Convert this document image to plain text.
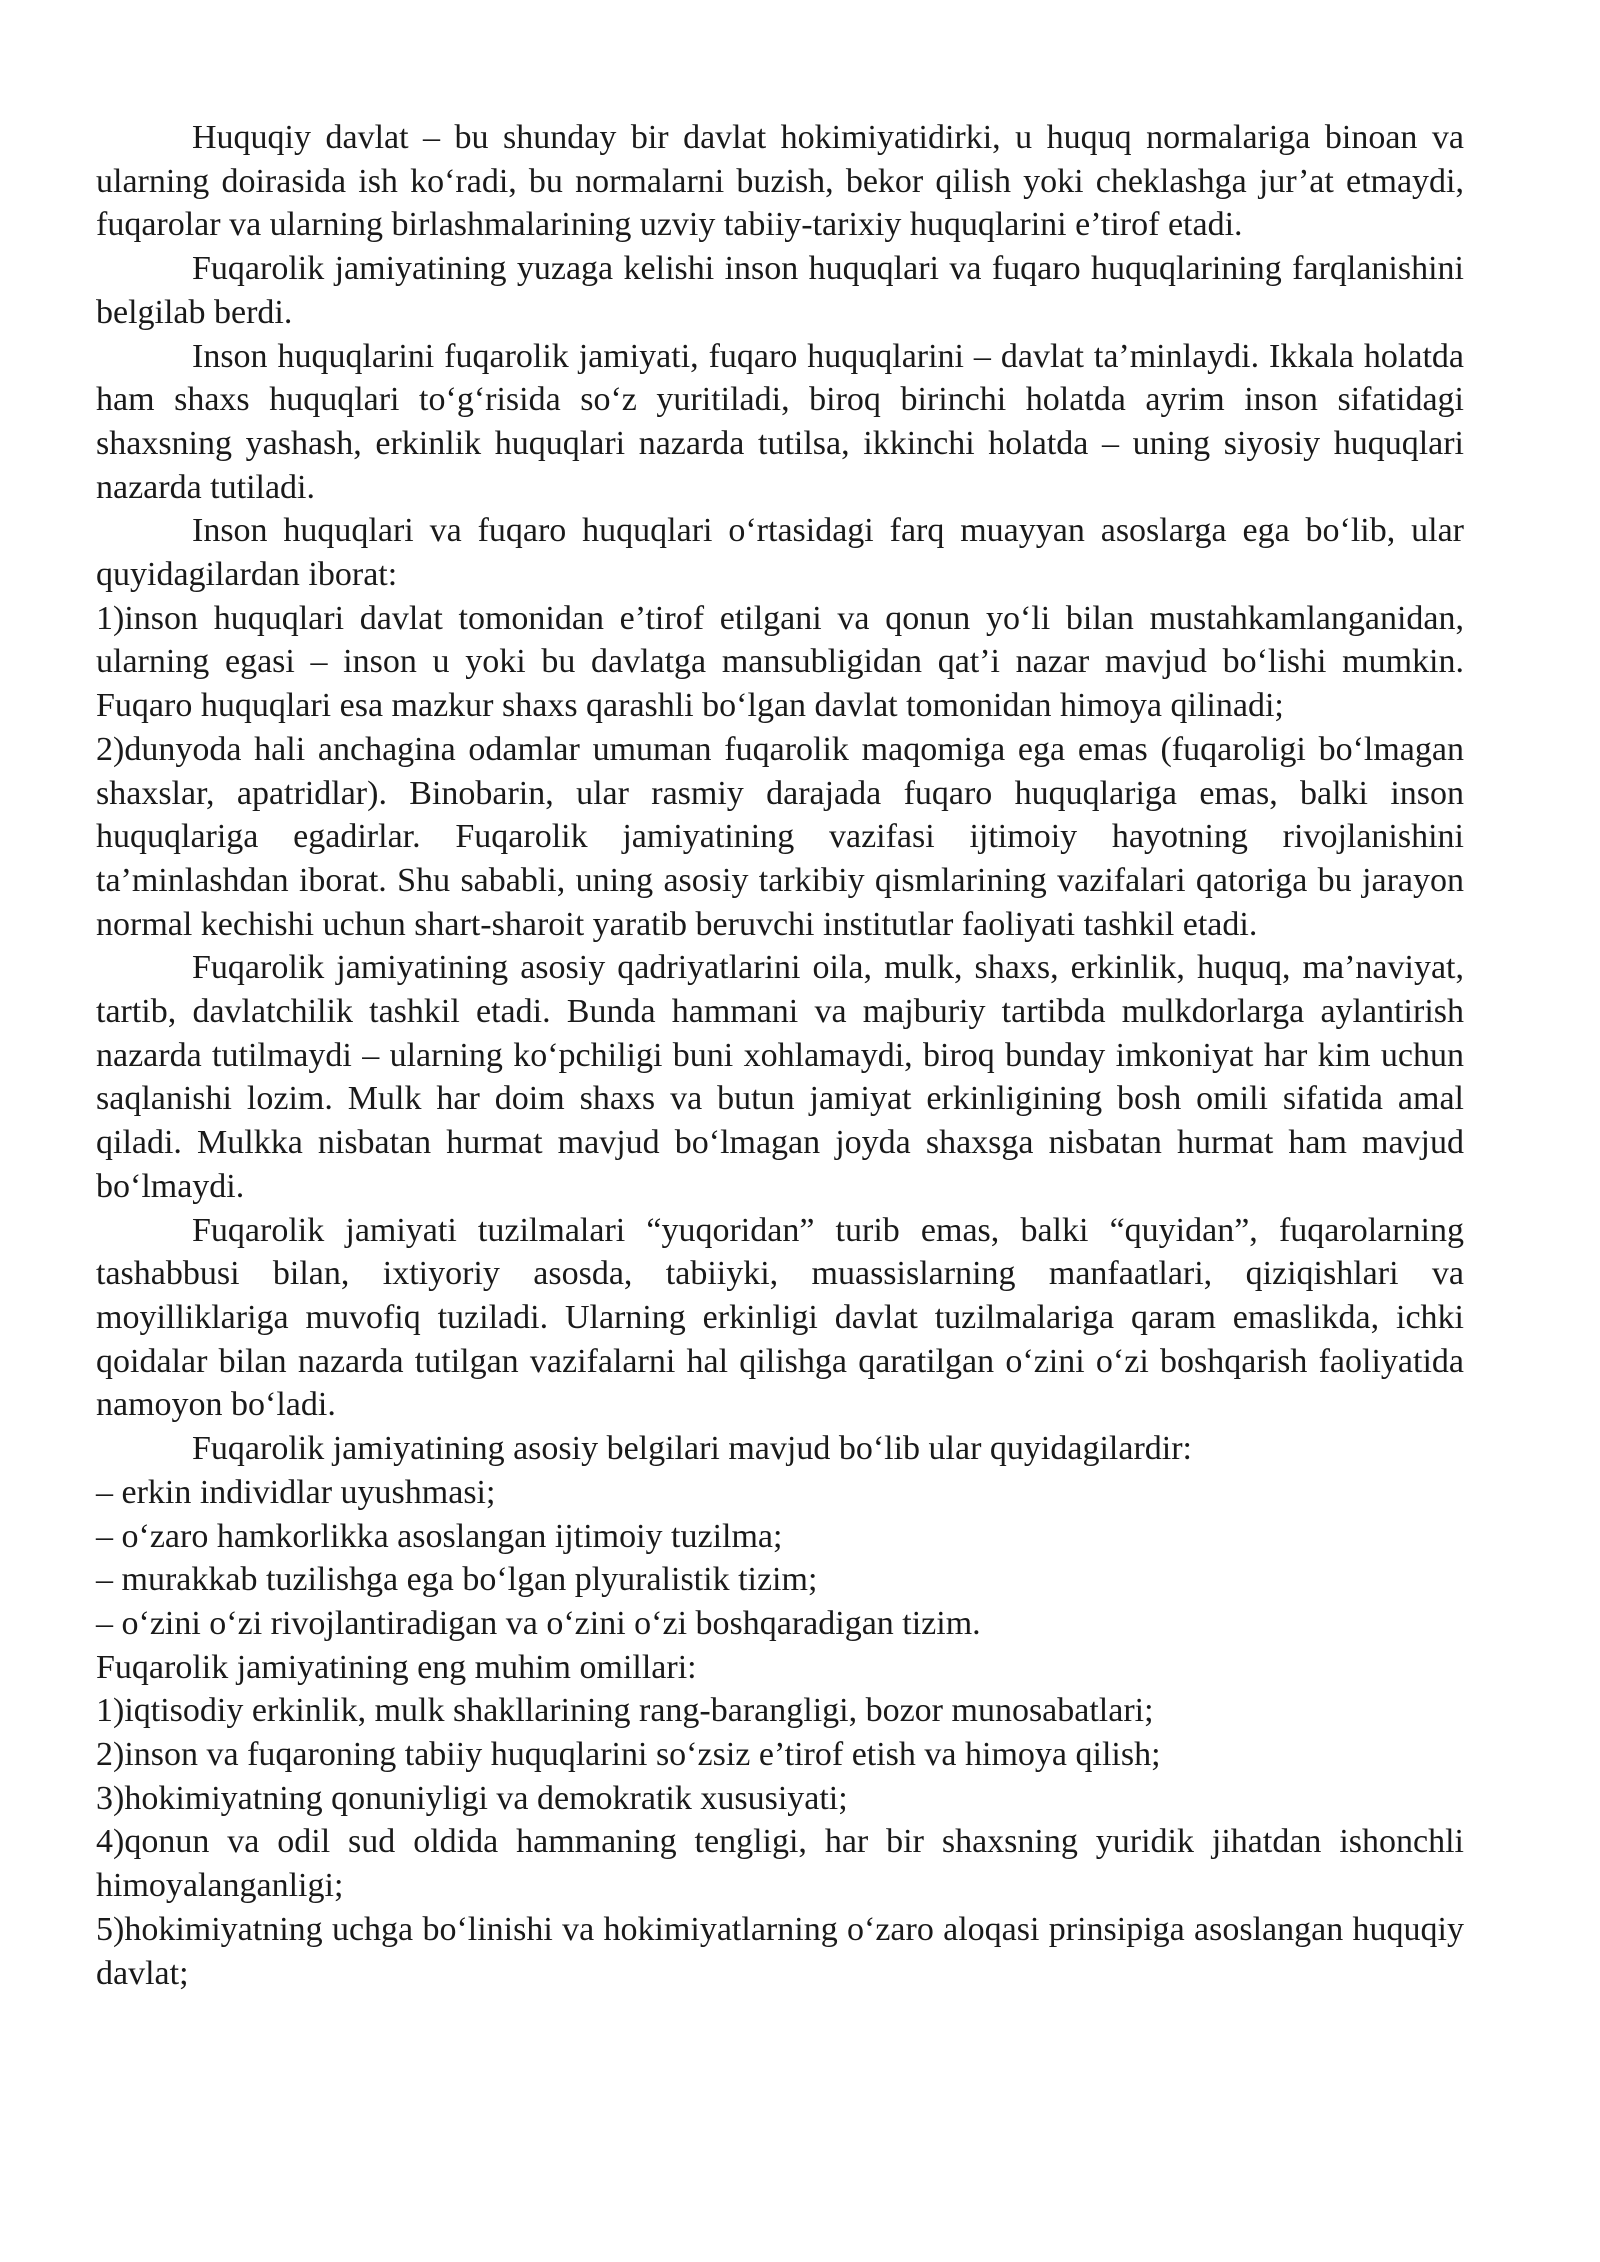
Huquqiy davlat – bu shunday bir davlat hokimiyatidirki, u huquq normalariga binoan va ularning doirasida ish ko‘radi, bu normalarni buzish, bekor qilish yoki cheklashga jur’at etmaydi, fuqarolar va ularning birlashmalarining uzviy tabiiy-tarixiy huquqlarini e’tirof etadi.

Fuqarolik jamiyatining yuzaga kelishi inson huquqlari va fuqaro huquqlarining farqlanishini belgilab berdi.

Inson huquqlarini fuqarolik jamiyati, fuqaro huquqlarini – davlat ta’minlaydi. Ikkala holatda ham shaxs huquqlari to‘g‘risida so‘z yuritiladi, biroq birinchi holatda ayrim inson sifatidagi shaxsning yashash, erkinlik huquqlari nazarda tutilsa, ikkinchi holatda – uning siyosiy huquqlari nazarda tutiladi.

Inson huquqlari va fuqaro huquqlari o‘rtasidagi farq muayyan asoslarga ega bo‘lib, ular quyidagilardan iborat:

1)inson huquqlari davlat tomonidan e’tirof etilgani va qonun yo‘li bilan mustahkamlanganidan, ularning egasi – inson u yoki bu davlatga mansubligidan qat’i nazar mavjud bo‘lishi mumkin. Fuqaro huquqlari esa mazkur shaxs qarashli bo‘lgan davlat tomonidan himoya qilinadi;

2)dunyoda hali anchagina odamlar umuman fuqarolik maqomiga ega emas (fuqaroligi bo‘lmagan shaxslar, apatridlar). Binobarin, ular rasmiy darajada fuqaro huquqlariga emas, balki inson huquqlariga egadirlar. Fuqarolik jamiyatining vazifasi ijtimoiy hayotning rivojlanishini ta’minlashdan iborat. Shu sababli, uning asosiy tarkibiy qismlarining vazifalari qatoriga bu jarayon normal kechishi uchun shart-sharoit yaratib beruvchi institutlar faoliyati tashkil etadi.

Fuqarolik jamiyatining asosiy qadriyatlarini oila, mulk, shaxs, erkinlik, huquq, ma’naviyat, tartib, davlatchilik tashkil etadi. Bunda hammani va majburiy tartibda mulkdorlarga aylantirish nazarda tutilmaydi – ularning ko‘pchiligi buni xohlamaydi, biroq bunday imkoniyat har kim uchun saqlanishi lozim. Mulk har doim shaxs va butun jamiyat erkinligining bosh omili sifatida amal qiladi. Mulkka nisbatan hurmat mavjud bo‘lmagan joyda shaxsga nisbatan hurmat ham mavjud bo‘lmaydi.

Fuqarolik jamiyati tuzilmalari “yuqoridan” turib emas, balki “quyidan”, fuqarolarning tashabbusi bilan, ixtiyoriy asosda, tabiiyki, muassislarning manfaatlari, qiziqishlari va moyilliklariga muvofiq tuziladi. Ularning erkinligi davlat tuzilmalariga qaram emaslikda, ichki qoidalar bilan nazarda tutilgan vazifalarni hal qilishga qaratilgan o‘zini o‘zi boshqarish faoliyatida namoyon bo‘ladi.

Fuqarolik jamiyatining asosiy belgilari mavjud bo‘lib ular quyidagilardir:

– erkin individlar uyushmasi;

– o‘zaro hamkorlikka asoslangan ijtimoiy tuzilma;

– murakkab tuzilishga ega bo‘lgan plyuralistik tizim;

– o‘zini o‘zi rivojlantiradigan va o‘zini o‘zi boshqaradigan tizim.

Fuqarolik jamiyatining eng muhim omillari:

1)iqtisodiy erkinlik, mulk shakllarining rang-barangligi, bozor munosabatlari;

2)inson va fuqaroning tabiiy huquqlarini so‘zsiz e’tirof etish va himoya qilish;

3)hokimiyatning qonuniyligi va demokratik xususiyati;

4)qonun va odil sud oldida hammaning tengligi, har bir shaxsning yuridik jihatdan ishonchli himoyalanganligi;

5)hokimiyatning uchga bo‘linishi va hokimiyatlarning o‘zaro aloqasi prinsipiga asoslangan huquqiy davlat;
